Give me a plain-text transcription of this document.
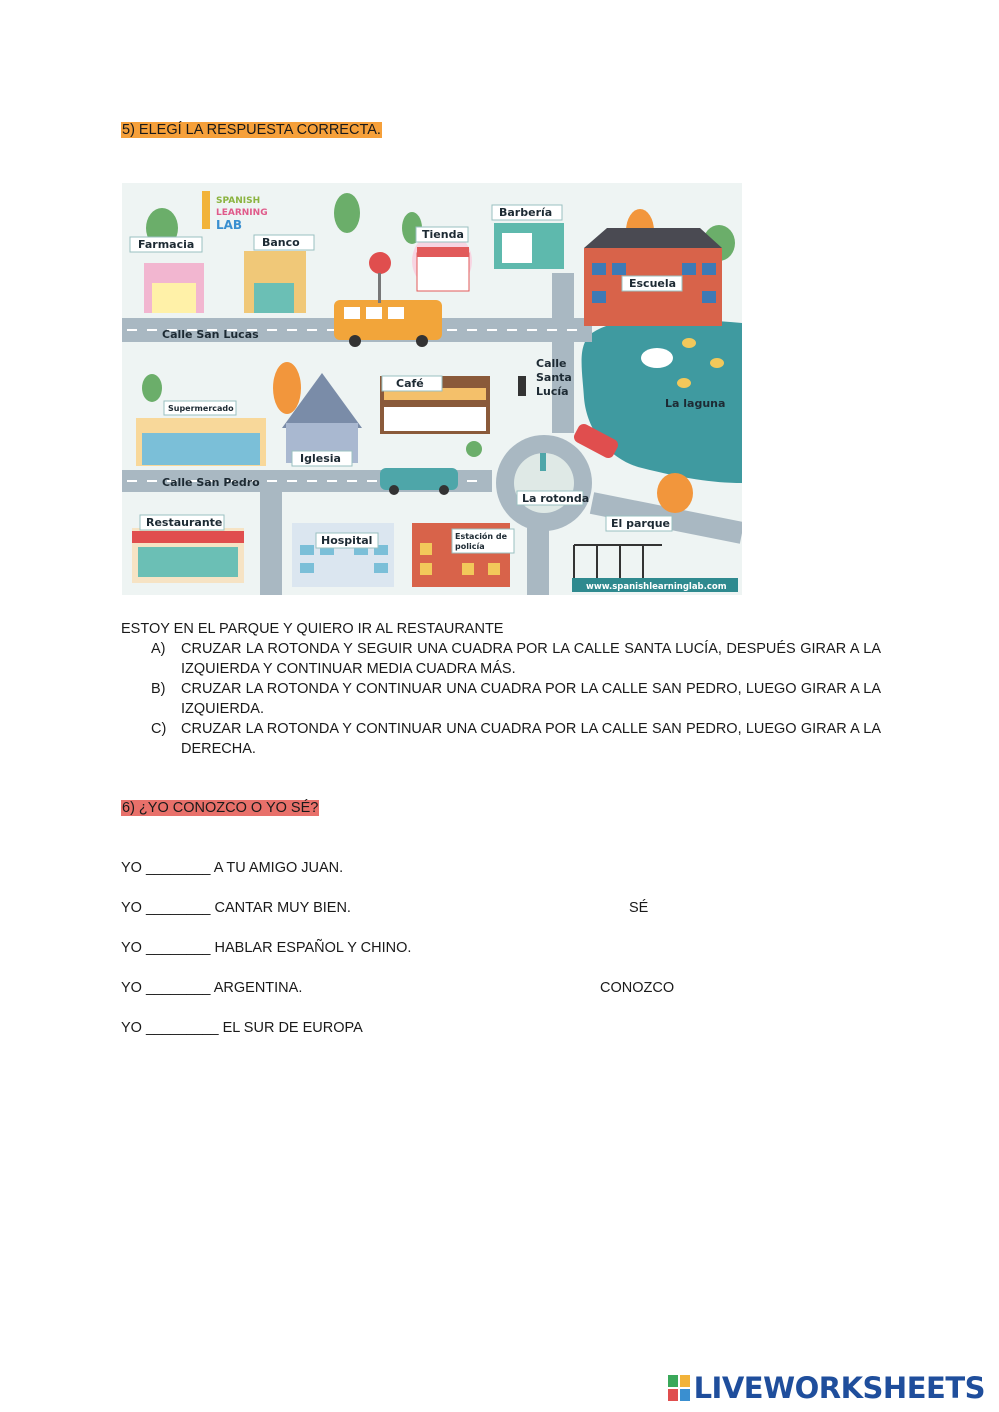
5) ELEGÍ LA RESPUESTA CORRECTA.
SPANISH
LEARNING
LAB
Farmacia	Banco
Tienda
Barbería
Escuela
Calle San Lucas
Calle
Santa
Lucía
Café
La laguna
Supermercado
Iglesia
Calle San Pedro
La rotonda
El parque
Restaurante
Hospital	Estación de
policía
www.spanishlearninglab.com
ESTOY EN EL PARQUE Y QUIERO IR AL RESTAURANTE
A) CRUZAR LA ROTONDA Y SEGUIR UNA CUADRA POR LA CALLE SANTA LUCÍA, DESPUÉS GIRAR A LA IZQUIERDA Y CONTINUAR MEDIA CUADRA MÁS.
B) CRUZAR LA ROTONDA Y CONTINUAR UNA CUADRA POR LA CALLE SAN PEDRO, LUEGO GIRAR A LA IZQUIERDA.
C) CRUZAR LA ROTONDA Y CONTINUAR UNA CUADRA POR LA CALLE SAN PEDRO, LUEGO GIRAR A LA DERECHA.
6) ¿YO CONOZCO O YO SÉ?
YO ________ A TU AMIGO JUAN.
YO ________ CANTAR MUY BIEN.
YO ________ HABLAR ESPAÑOL Y CHINO.
YO ________ ARGENTINA.
YO _________ EL SUR DE EUROPA
SÉ
CONOZCO
LIVEWORKSHEETS
